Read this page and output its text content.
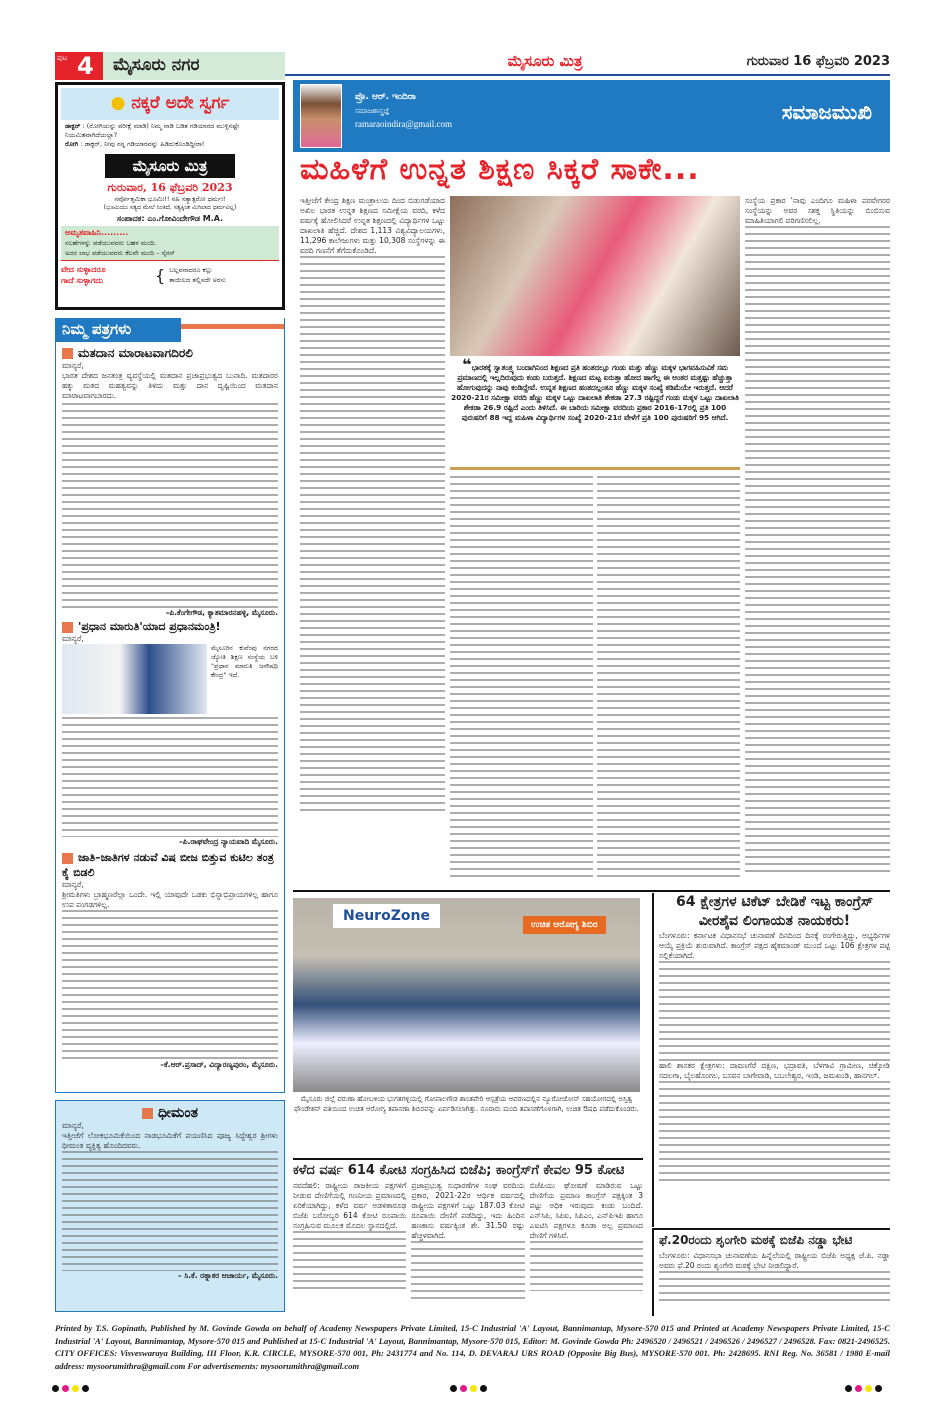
ಪುಟ 4	ಮೈಸೂರು ನಗರ	ಮೈಸೂರು ಮಿತ್ರ	ಗುರುವಾರ 16 ಫೆಬ್ರವರಿ 2023
● ನಕ್ಕರೆ ಅದೇ ಸ್ವರ್ಗ
ಡಾಕ್ಟರ್ : (ರೋಗಿಯನ್ನು ಪರೀಕ್ಷೆ ಮಾಡಿ) ನಿಮ್ಮ ನಾಡಿ ಬಡಿತ ಗಡಿಯಾರದ ಮುಳ್ಳಿನಷ್ಟೇ ನಿಯಮಿತವಾಗಿದೆಯಲ್ಲಾ?
ರೋಗಿ : ಡಾಕ್ಟರ್, ನೀವು ನನ್ನ ಗಡಿಯಾರವನ್ನು ಹಿಡಿದುಕೊಂಡಿದ್ದೀರಾ!
ಮೈಸೂರು ಮಿತ್ರ
ಗುರುವಾರ, 16 ಫೆಬ್ರವರಿ 2023
ಸರ್ವೋತ್ತಮಿಕಾ ಭೂಮಿಃ!! ನಹಿ ಸತ್ಯಾತ್ಪರೋ ಧರ್ಮಃ!
(ಭೂಮಿಯು ಸತ್ಯದ ಮೇಲೆ ನಿಂತಿದೆ, ಸತ್ಯಕ್ಕಿಂತ ಮಿಗಿಲಾದ ಧರ್ಮವಿಲ್ಲ)
ಸಂಪಾದಕ: ಎಂ.ಗೋವಿಂದೇಗೌಡ M.A.
ಅಮೃತವಾಹಿನಿ.........
ಸಲಹೆಗಳನ್ನು ಪಡೆಯುವವರು ಬಹಳ ಮಂದಿ.
ಅದರ ಲಾಭ ಪಡೆಯುವವರು ಕೆಲವೇ ಮಂದಿ – ಸೈರಸ್
ವೇದ ಸುಳ್ಳಾದರೂ
ಗಾದೆ ಸುಳ್ಳಾಗದು	{ ಬಲ್ಲವನಾದರೂ ಕಲ್ಲು
ತಾಯಿಲದ ತಲ್ಲಿಸದೇ ಅರಸು
ನಿಮ್ಮ ಪತ್ರಗಳು
ಮತದಾನ ಮಾರಾಟವಾಗದಿರಲಿ
ಮಾನ್ಯರೆ,
ಭಾರತ ದೇಶದ ಜನತಂತ್ರ ವ್ಯವಸ್ಥೆಯಲ್ಲಿ ಮತದಾನ ಪ್ರಜಾಪ್ರಭುತ್ವದ ಬುನಾದಿ. ಮತದಾರರ ಹಕ್ಕು ಮತದ ಮಹತ್ವವನ್ನು ತಿಳಿದು ಮತ್ತು ದಾನ ದೃಷ್ಟಿಯಿಂದ ಮತದಾನ ಮಾರಾಟವಾಗಬಾರದು.
–ಪಿ.ಕೆಂಗೇಗೌಡ, ಕ್ಯಾತಮಾರನಹಳ್ಳಿ, ಮೈಸೂರು.
'ಪ್ರಧಾನ ಮಾರುತಿ'ಯಾದ ಪ್ರಧಾನಮಂತ್ರಿ!
ಮಾನ್ಯರೆ,
ಮೈಸೂರಿನ ಕುವೆಂಪು ನಗರದ ಜ್ಯೋತಿ ಶಿಕ್ಷಣ ಸಂಸ್ಥೆಯ ಬಳಿ "ಪ್ರಧಾನ ಮಾರುತಿ ಜನೌಷಧಿ ಕೇಂದ್ರ" ಇದೆ.
–ಪಿ.ರಾಘವೇಂದ್ರ ನ್ಯಾಯವಾದಿ ಮೈಸೂರು.
ಜಾತಿ–ಜಾತಿಗಳ ನಡುವೆ ವಿಷ ಬೀಜ ಬಿತ್ತುವ ಕುಟಿಲ ತಂತ್ರ ಕೈ ಬಿಡಲಿ
ಮಾನ್ಯರೆ,
ಶ್ರೀಮತಿಗಳು ಬ್ರಾಹ್ಮಣರೆಲ್ಲಾ ಒಂದೇ. ಇಲ್ಲಿ ಯಾವುದೇ ಒಡಕು ಭಿನ್ನಾಭಿಪ್ರಾಯಗಳಿಲ್ಲ ಹಾಗೂ ಉಪ ಪಂಗಡಗಳಿಲ್ಲ.
–ಕೆ.ಆರ್.ಪ್ರಸಾದ್, ವಿದ್ಯಾರಣ್ಯಪುರಂ, ಮೈಸೂರು.
ಧೀಮಂತ
ಮಾನ್ಯರೆ,
ಇತ್ತೀಚೆಗೆ ಲೋಕಭೂಮಿಕೆಯಿಂದ ನಾಡಭೂಮಿಕೆಗೆ ಪಯಣಿಸಿದ ಪೂಜ್ಯ ಸಿದ್ಧೇಶ್ವರ ಶ್ರೀಗಳು ಧೀಮಂತ ವ್ಯಕ್ತಿತ್ವ ಹೊಂದಿದವರು.
– ಸಿ.ಕೆ. ರತ್ನಾಕರ ಆಚಾರ್ಯ, ಮೈಸೂರು.
ಪ್ರೊ. ಆರ್. ಇಂದಿರಾ
ಸಮಾಜಶಾಸ್ತ್ರಜ್ಞೆ
ramaraoindira@gmail.com	ಸಮಾಜಮುಖಿ
ಮಹಿಳೆಗೆ ಉನ್ನತ ಶಿಕ್ಷಣ ಸಿಕ್ಕರೆ ಸಾಕೇ...
ಇತ್ತೀಚೆಗೆ ಕೇಂದ್ರ ಶಿಕ್ಷಣ ಮಂತ್ರಾಲಯ ದಿಂದ ಬಿಡುಗಡೆಯಾದ ಅಖಿಲ ಭಾರತ ಉನ್ನತ ಶಿಕ್ಷಣದ ಸಮೀಕ್ಷೆಯ ವರದಿ, ಕಳೆದ ವರ್ಷಕ್ಕೆ ಹೋಲಿಸಿದರೆ ಉನ್ನತ ಶಿಕ್ಷಣದಲ್ಲಿ ವಿದ್ಯಾರ್ಥಿಗಳ ಒಟ್ಟು ದಾಖಲಾತಿ ಹೆಚ್ಚಿದೆ. ದೇಶದ 1,113 ವಿಶ್ವವಿದ್ಯಾಲಯಗಳು, 11,296 ಕಾಲೇಜುಗಳು ಮತ್ತು 10,308 ಸಂಸ್ಥೆಗಳನ್ನು ಈ ವರದಿ ಗಣನೆಗೆ ತೆಗೆದುಕೊಂಡಿದೆ.
❝ಭಾರತಕ್ಕೆ ಸ್ವಾತಂತ್ರ್ಯ ಬಂದಾಗಿನಿಂದ ಶಿಕ್ಷಣದ ಪ್ರತಿ ಹಂತದಲ್ಲೂ ಗಂಡು ಮತ್ತು ಹೆಣ್ಣು ಮಕ್ಕಳ ಭಾಗವಹಿಸುವಿಕೆ ಸಮ ಪ್ರಮಾಣದಲ್ಲಿ ಇಲ್ಲದಿರುವುದು ಕಂಡು ಬರುತ್ತದೆ. ಶಿಕ್ಷಣದ ಮಟ್ಟ ಏರುತ್ತಾ ಹೋದ ಹಾಗೆಲ್ಲ ಈ ಅಂತರ ಮತ್ತಷ್ಟು ಹೆಚ್ಚುತ್ತಾ ಹೋಗುವುದನ್ನು ನಾವು ಕಂಡಿದ್ದೇವೆ. ಉನ್ನತ ಶಿಕ್ಷಣದ ಹಂತದಲ್ಲಂತೂ ಹೆಣ್ಣು ಮಕ್ಕಳ ಸಂಖ್ಯೆ ಕಡಿಮೆಯೇ ಇರುತ್ತದೆ. ಆದರೆ 2020-21ರ ಸಮೀಕ್ಷಾ ವರದಿ ಹೆಣ್ಣು ಮಕ್ಕಳ ಒಟ್ಟು ದಾಖಲಾತಿ ಶೇಕಡಾ 27.3 ರಷ್ಟಿದ್ದರೆ ಗಂಡು ಮಕ್ಕಳ ಒಟ್ಟು ದಾಖಲಾತಿ ಶೇಕಡಾ 26.9 ರಷ್ಟಿದೆ ಎಂದು ತಿಳಿಸಿದೆ. ಈ ಬಾರಿಯ ಸಮೀಕ್ಷಾ ವರದಿಯ ಪ್ರಕಾರ 2016-17ರಲ್ಲಿ ಪ್ರತಿ 100 ಪುರುಷರಿಗೆ 88 ಇದ್ದ ಮಹಿಳಾ ವಿದ್ಯಾರ್ಥಿಗಳ ಸಂಖ್ಯೆ 2020-21ರ ವೇಳೆಗೆ ಪ್ರತಿ 100 ಪುರುಷರಿಗೆ 95 ಆಗಿದೆ.
ಸಂಸ್ಥೆಯ ಪ್ರಕಾರ 'ನಾವು ಎಂದಿಗೂ ಮಹಿಳಾ ಪರವೇಗರರ ಸಂಸ್ಥೆಯನ್ನು ಅವರ ಸಶಕ್ತ ಸ್ಥಿತಿಯನ್ನು ಬಿಂಬಿಸುವ ಮಾಹಿತಿಯಾಗಲಿ ಪರಿಗಣಿಸಲಿಲ್ಲ.
NeuroZone
ಉಚಿತ ಆರೋಗ್ಯ ಶಿಬಿರ
ಮೈಸೂರು ಜಿಲ್ಲೆ ವರುಣಾ ಹೋಬಳಿಯ ಭುಗತಗಳ್ಳಿಯಲ್ಲಿ ಗೋಪಾಲಗೌಡ ಶಾಂತವೇರಿ ಆಸ್ಪತ್ರೆಯ ಆವರಣದಲ್ಲಿನ ನ್ಯೂರೋಜೋನ್ ಸಹಯೋಗದಲ್ಲಿ ಅಸ್ತಿತ್ವ ಫೌಂಡೇಶನ್ ವತಿಯಿಂದ ಉಚಿತ ಆರೋಗ್ಯ ತಪಾಸಣಾ ಶಿಬಿರವನ್ನು ಏರ್ಪಡಿಸಲಾಗಿತ್ತು. ನೂರಾರು ಮಂದಿ ತಪಾಸಣೆಗೊಳಗಾಗಿ, ಉಚಿತ ಔಷಧಿ ಪಡೆದುಕೊಂಡರು.
64 ಕ್ಷೇತ್ರಗಳ ಟಿಕೆಟ್ ಬೇಡಿಕೆ ಇಟ್ಟ ಕಾಂಗ್ರೆಸ್ ವೀರಶೈವ ಲಿಂಗಾಯತ ನಾಯಕರು!
ಬೆಂಗಳೂರು: ಕರ್ನಾಟಕ ವಿಧಾನಸಭೆ ಚುನಾವಣೆ ದಿನದಿಂದ ದಿನಕ್ಕೆ ರಂಗೇರುತ್ತಿದ್ದು, ಅಭ್ಯರ್ಥಿಗಳ ಆಯ್ಕೆ ಪ್ರಕ್ರಿಯೆ ಶುರುವಾಗಿದೆ. ಕಾಂಗ್ರೆಸ್ ಪಕ್ಷದ ಹೈಕಮಾಂಡ್ ಮುಂದೆ ಒಟ್ಟು 106 ಕ್ಷೇತ್ರಗಳ ಪಟ್ಟಿ ಸಲ್ಲಿಕೆಯಾಗಿದೆ.
ಹಾಲಿ ಶಾಸಕರ ಕ್ಷೇತ್ರಗಳು: ದಾವಣಗೆರೆ ದಕ್ಷಿಣ, ಭದ್ರಾವತಿ, ಬೆಳಗಾವಿ ಗ್ರಾಮೀಣ, ಚಿಕ್ಕೋಡಿ ಸದಲಗಾ, ಬೈಲಹೊಂಗಲ, ಬಸವನ ಬಾಗೇವಾಡಿ, ಬಬಲೇಶ್ವರ, ಇಂಡಿ, ಜಮಖಂಡಿ, ಹಾನಗಲ್.
ಕಳೆದ ವರ್ಷ 614 ಕೋಟಿ ಸಂಗ್ರಹಿಸಿದ ಬಿಜೆಪಿ; ಕಾಂಗ್ರೆಸ್‌ಗೆ ಕೇವಲ 95 ಕೋಟಿ
ನವದೆಹಲಿ: ರಾಷ್ಟ್ರೀಯ ರಾಜಕೀಯ ಪಕ್ಷಗಳಿಗೆ ನೀಡುವ ದೇಣಿಗೆಯಲ್ಲಿ ಗಣನೀಯ ಪ್ರಮಾಣದಲ್ಲಿ ಏರಿಕೆಯಾಗಿದ್ದು, ಕಳೆದ ವರ್ಷ ಅಡಳಿತಾರೂಢ ಬಿಜೆಪಿ ಬರೋಬ್ಬರಿ 614 ಕೋಟಿ ರೂಪಾಯಿ ಸಂಗ್ರಹಿಸುವ ಮೂಲಕ ಮೊದಲ ಸ್ಥಾನದಲ್ಲಿದೆ.
ಪ್ರಜಾಪ್ರಭುತ್ವ ಸುಧಾರಣೆಗಳ ಸಂಘ ವರದಿಯ ಪ್ರಕಾರ, 2021-22ರ ಆರ್ಥಿಕ ವರ್ಷದಲ್ಲಿ ರಾಷ್ಟ್ರೀಯ ಪಕ್ಷಗಳಿಗೆ ಒಟ್ಟು 187.03 ಕೋಟಿ ರೂಪಾಯಿ ದೇಣಿಗೆ ಪಡೆದಿದ್ದು, ಇದು ಹಿಂದಿನ ಹಣಕಾಸು ವರ್ಷಕ್ಕಿಂತ ಶೇ. 31.50 ರಷ್ಟು ಹೆಚ್ಚಳವಾಗಿದೆ.
ಬಿಜೆಪಿಯು ಘೋಷಣೆ ಮಾಡಿರುವ ಒಟ್ಟು ದೇಣಿಗೆಯ ಪ್ರಮಾಣ ಕಾಂಗ್ರೆಸ್ ಪಕ್ಷಕ್ಕಿಂತ 3 ಪಟ್ಟು ಅಧಿಕ ಇರುವುದು ಕಂಡು ಬಂದಿದೆ. ಎನ್‌ಸಿಪಿ, ಸಿಪಿಐ, ಸಿಪಿಎಂ, ಎನ್‌ಪಿಇಪಿ ಹಾಗೂ ಎಐಟಿಸಿ ಪಕ್ಷಗಳೂ ಕೂಡಾ ಅಲ್ಪ ಪ್ರಮಾಣದ ದೇಣಿಗೆ ಗಳಿಸಿವೆ.	ಫೆ.20ರಂದು ಶೃಂಗೇರಿ ಮಠಕ್ಕೆ ಬಿಜೆಪಿ ನಡ್ಡಾ ಭೇಟಿ
ಬೆಂಗಳೂರು: ವಿಧಾನಸಭಾ ಚುನಾವಣೆಯ ಹಿನ್ನೆಲೆಯಲ್ಲಿ ರಾಷ್ಟ್ರೀಯ ಬಿಜೆಪಿ ಅಧ್ಯಕ್ಷ ಜೆ.ಪಿ. ನಡ್ಡಾ ಅವರು ಫೆ.20 ರಂದು ಶೃಂಗೇರಿ ಮಠಕ್ಕೆ ಭೇಟಿ ನೀಡಲಿದ್ದಾರೆ.
Printed by T.S. Gopinath, Published by M. Govinde Gowda on behalf of Academy Newspapers Private Limited, 15-C Industrial 'A' Layout, Bannimantap, Mysore-570 015 and Printed at Academy Newspapers Private Limited, 15-C Industrial 'A' Layout, Bannimantap, Mysore-570 015 and Published at 15-C Industrial 'A' Layout, Bannimantap, Mysore-570 015, Editor: M. Govinde Gowda Ph: 2496520 / 2496521 / 2496526 / 2496527 / 2496528. Fax: 0821-2496525. CITY OFFICES: Visveswaraya Building, III Floor, K.R. CIRCLE, MYSORE-570 001, Ph: 2431774 and No. 114, D. DEVARAJ URS ROAD (Opposite Big Bus), MYSORE-570 001. Ph: 2428695. RNI Reg. No. 36581 / 1980 E-mail address: mysoorumithra@gmail.com For advertisements: mysoorumithra@gmail.com
